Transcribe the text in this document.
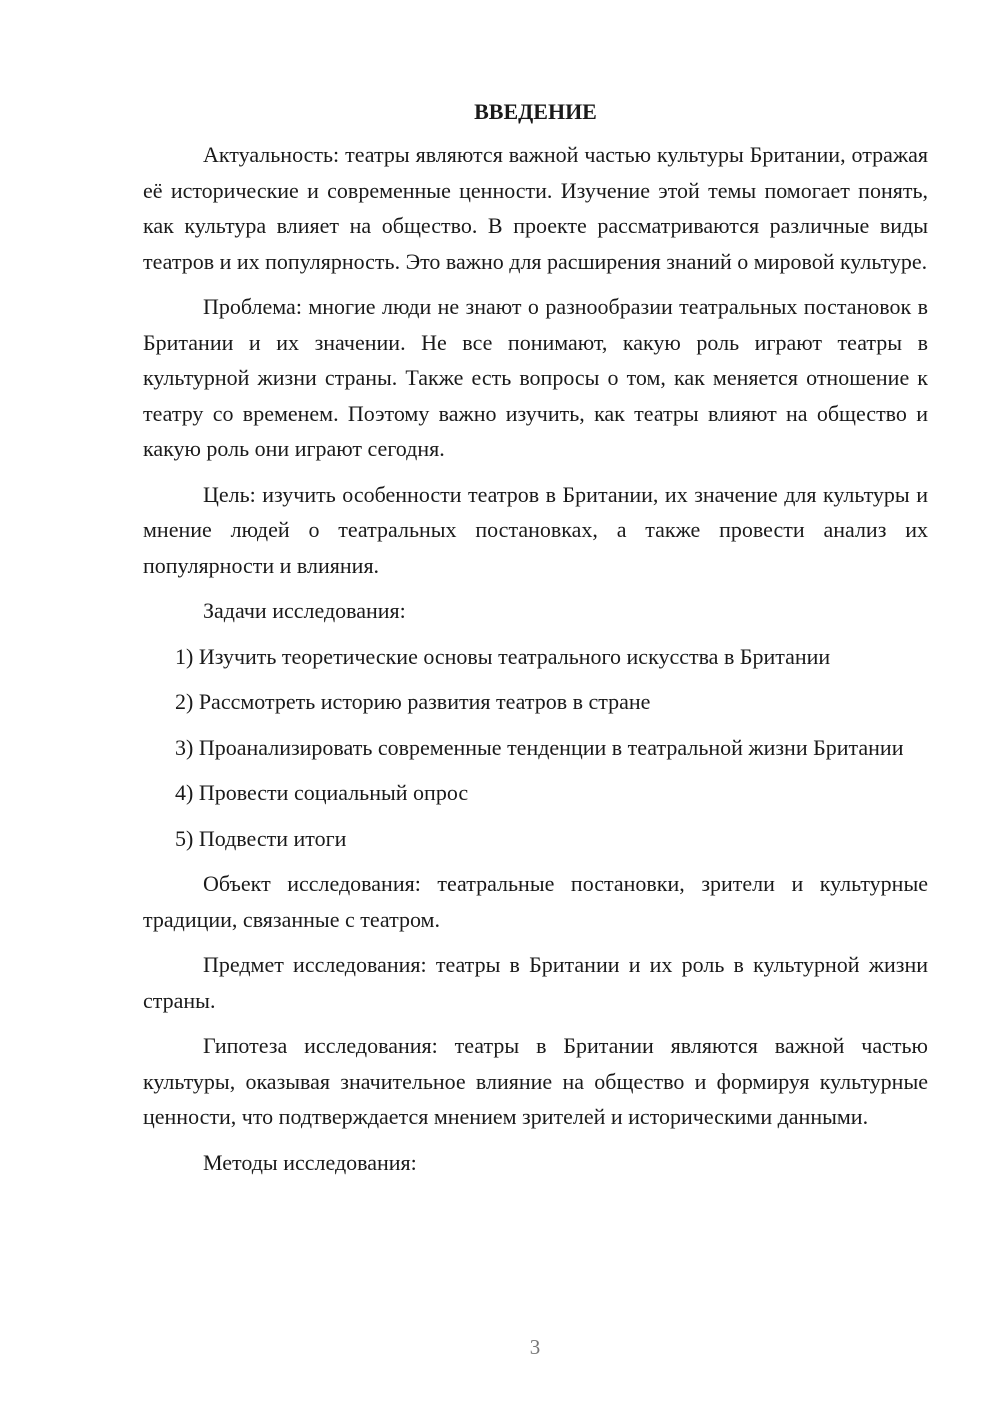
ВВЕДЕНИЕ

Актуальность: театры являются важной частью культуры Британии, отражая её исторические и современные ценности. Изучение этой темы помогает понять, как культура влияет на общество. В проекте рассматриваются различные виды театров и их популярность. Это важно для расширения знаний о мировой культуре.

Проблема: многие люди не знают о разнообразии театральных постановок в Британии и их значении. Не все понимают, какую роль играют театры в культурной жизни страны. Также есть вопросы о том, как меняется отношение к театру со временем. Поэтому важно изучить, как театры влияют на общество и какую роль они играют сегодня.

Цель: изучить особенности театров в Британии, их значение для культуры и мнение людей о театральных постановках, а также провести анализ их популярности и влияния.

Задачи исследования:

1) Изучить теоретические основы театрального искусства в Британии

2) Рассмотреть историю развития театров в стране

3) Проанализировать современные тенденции в театральной жизни Британии

4) Провести социальный опрос

5) Подвести итоги

Объект исследования: театральные постановки, зрители и культурные традиции, связанные с театром.

Предмет исследования: театры в Британии и их роль в культурной жизни страны.

Гипотеза исследования: театры в Британии являются важной частью культуры, оказывая значительное влияние на общество и формируя культурные ценности, что подтверждается мнением зрителей и историческими данными.

Методы исследования:

3
